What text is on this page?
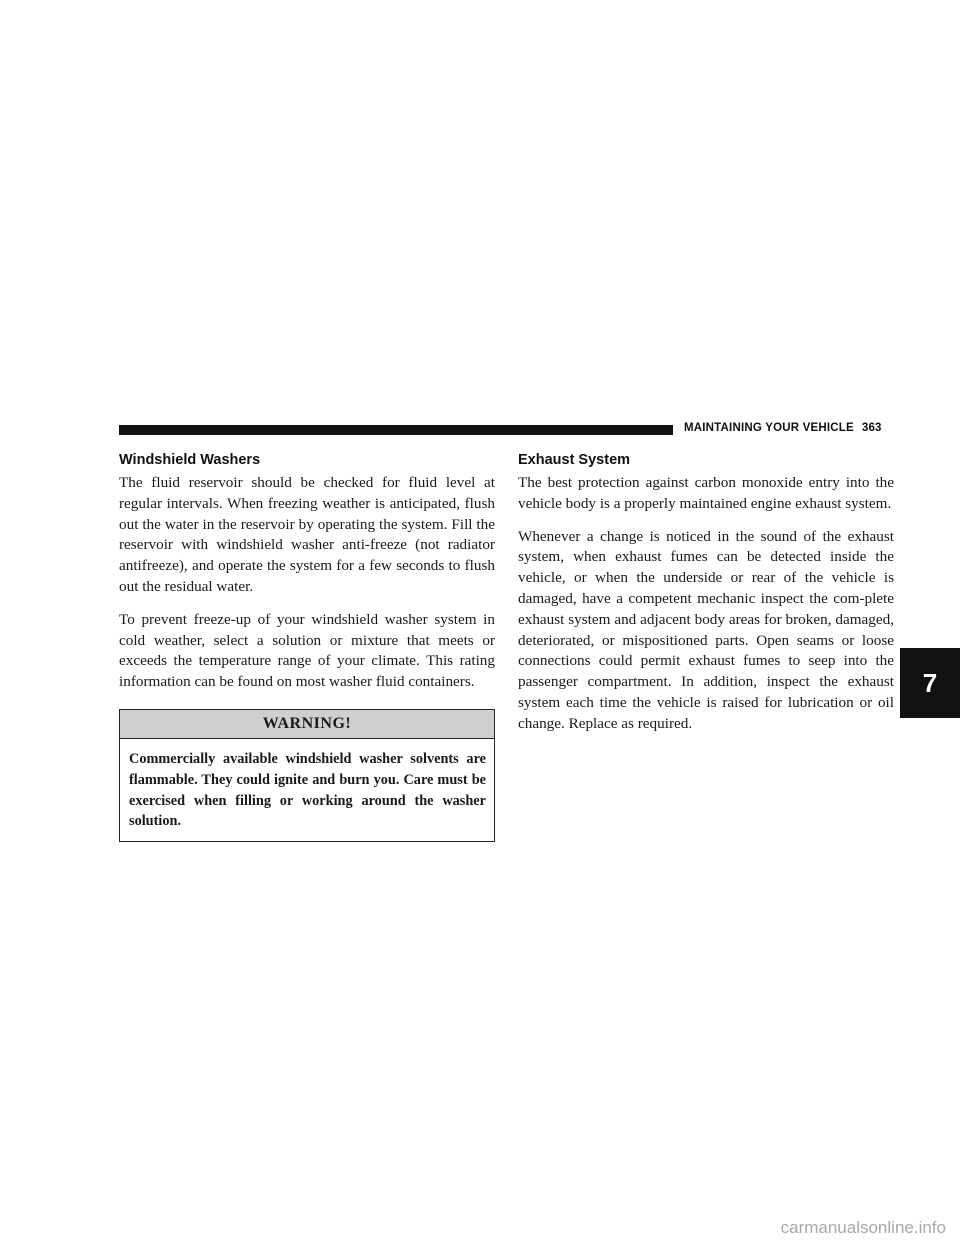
MAINTAINING YOUR VEHICLE 363
Windshield Washers

The fluid reservoir should be checked for fluid level at regular intervals. When freezing weather is anticipated, flush out the water in the reservoir by operating the system. Fill the reservoir with windshield washer anti-freeze (not radiator antifreeze), and operate the system for a few seconds to flush out the residual water.

To prevent freeze-up of your windshield washer system in cold weather, select a solution or mixture that meets or exceeds the temperature range of your climate. This rating information can be found on most washer fluid containers.

WARNING!
Commercially available windshield washer solvents are flammable. They could ignite and burn you. Care must be exercised when filling or working around the washer solution.
Exhaust System

The best protection against carbon monoxide entry into the vehicle body is a properly maintained engine exhaust system.

Whenever a change is noticed in the sound of the exhaust system, when exhaust fumes can be detected inside the vehicle, or when the underside or rear of the vehicle is damaged, have a competent mechanic inspect the com-plete exhaust system and adjacent body areas for broken, damaged, deteriorated, or mispositioned parts. Open seams or loose connections could permit exhaust fumes to seep into the passenger compartment. In addition, inspect the exhaust system each time the vehicle is raised for lubrication or oil change. Replace as required.

7
carmanualsonline.info
